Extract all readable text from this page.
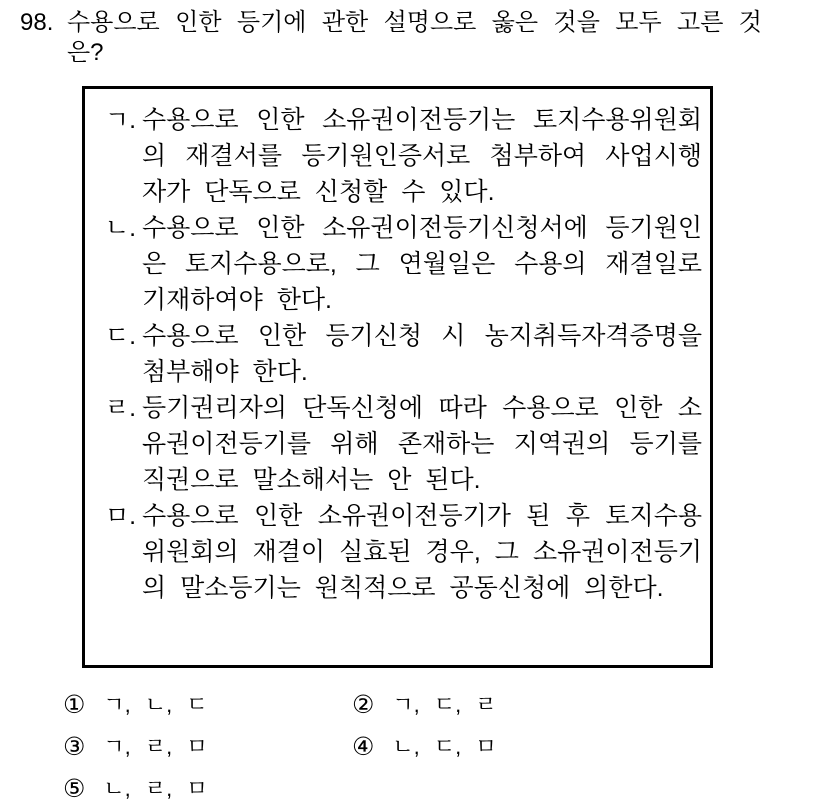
98. 수용으로 인한 등기에 관한 설명으로 옳은 것을 모두 고른 것은?
ㄱ. 수용으로 인한 소유권이전등기는 토지수용위원회의 재결서를 등기원인증서로 첨부하여 사업시행자가 단독으로 신청할 수 있다.
ㄴ. 수용으로 인한 소유권이전등기신청서에 등기원인은 토지수용으로, 그 연월일은 수용의 재결일로 기재하여야 한다.
ㄷ. 수용으로 인한 등기신청 시 농지취득자격증명을 첨부해야 한다.
ㄹ. 등기권리자의 단독신청에 따라 수용으로 인한 소유권이전등기를 위해 존재하는 지역권의 등기를 직권으로 말소해서는 안 된다.
ㅁ. 수용으로 인한 소유권이전등기가 된 후 토지수용위원회의 재결이 실효된 경우, 그 소유권이전등기의 말소등기는 원칙적으로 공동신청에 의한다.
① ㄱ, ㄴ, ㄷ	② ㄱ, ㄷ, ㄹ
③ ㄱ, ㄹ, ㅁ	④ ㄴ, ㄷ, ㅁ
⑤ ㄴ, ㄹ, ㅁ
